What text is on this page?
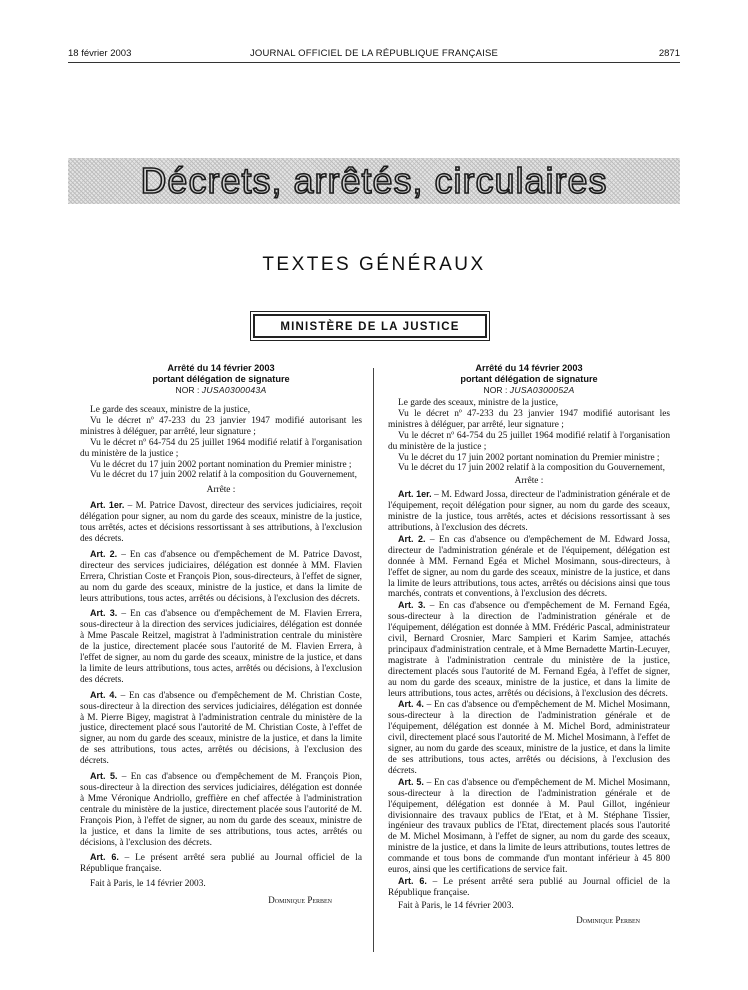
18 février 2003	JOURNAL OFFICIEL DE LA RÉPUBLIQUE FRANÇAISE	2871
Décrets, arrêtés, circulaires
TEXTES GÉNÉRAUX
MINISTÈRE DE LA JUSTICE

Arrêté du 14 février 2003

portant délégation de signature

NOR : JUSA0300043A

Le garde des sceaux, ministre de la justice,

Vu le décret nº 47-233 du 23 janvier 1947 modifié autorisant les ministres à déléguer, par arrêté, leur signature ;

Vu le décret nº 64-754 du 25 juillet 1964 modifié relatif à l'organisation du ministère de la justice ;

Vu le décret du 17 juin 2002 portant nomination du Premier ministre ;

Vu le décret du 17 juin 2002 relatif à la composition du Gouvernement,

Arrête :

Art. 1er. – M. Patrice Davost, directeur des services judiciaires, reçoit délégation pour signer, au nom du garde des sceaux, ministre de la justice, tous arrêtés, actes et décisions ressortissant à ses attributions, à l'exclusion des décrets.

Art. 2. – En cas d'absence ou d'empêchement de M. Patrice Davost, directeur des services judiciaires, délégation est donnée à MM. Flavien Errera, Christian Coste et François Pion, sous-directeurs, à l'effet de signer, au nom du garde des sceaux, ministre de la justice, et dans la limite de leurs attributions, tous actes, arrêtés ou décisions, à l'exclusion des décrets.

Art. 3. – En cas d'absence ou d'empêchement de M. Flavien Errera, sous-directeur à la direction des services judiciaires, délégation est donnée à Mme Pascale Reitzel, magistrat à l'administration centrale du ministère de la justice, directement placée sous l'autorité de M. Flavien Errera, à l'effet de signer, au nom du garde des sceaux, ministre de la justice, et dans la limite de leurs attributions, tous actes, arrêtés ou décisions, à l'exclusion des décrets.

Art. 4. – En cas d'absence ou d'empêchement de M. Christian Coste, sous-directeur à la direction des services judiciaires, délégation est donnée à M. Pierre Bigey, magistrat à l'administration centrale du ministère de la justice, directement placé sous l'autorité de M. Christian Coste, à l'effet de signer, au nom du garde des sceaux, ministre de la justice, et dans la limite de ses attributions, tous actes, arrêtés ou décisions, à l'exclusion des décrets.

Art. 5. – En cas d'absence ou d'empêchement de M. François Pion, sous-directeur à la direction des services judiciaires, délégation est donnée à Mme Véronique Andriollo, greffière en chef affectée à l'administration centrale du ministère de la justice, directement placée sous l'autorité de M. François Pion, à l'effet de signer, au nom du garde des sceaux, ministre de la justice, et dans la limite de ses attributions, tous actes, arrêtés ou décisions, à l'exclusion des décrets.

Art. 6. – Le présent arrêté sera publié au Journal officiel de la République française.

Fait à Paris, le 14 février 2003.

Dominique Perben

Arrêté du 14 février 2003

portant délégation de signature

NOR : JUSA0300052A

Le garde des sceaux, ministre de la justice,

Vu le décret nº 47-233 du 23 janvier 1947 modifié autorisant les ministres à déléguer, par arrêté, leur signature ;

Vu le décret nº 64-754 du 25 juillet 1964 modifié relatif à l'organisation du ministère de la justice ;

Vu le décret du 17 juin 2002 portant nomination du Premier ministre ;

Vu le décret du 17 juin 2002 relatif à la composition du Gouvernement,

Arrête :

Art. 1er. – M. Edward Jossa, directeur de l'administration générale et de l'équipement, reçoit délégation pour signer, au nom du garde des sceaux, ministre de la justice, tous arrêtés, actes et décisions ressortissant à ses attributions, à l'exclusion des décrets.

Art. 2. – En cas d'absence ou d'empêchement de M. Edward Jossa, directeur de l'administration générale et de l'équipement, délégation est donnée à MM. Fernand Egéa et Michel Mosimann, sous-directeurs, à l'effet de signer, au nom du garde des sceaux, ministre de la justice, et dans la limite de leurs attributions, tous actes, arrêtés ou décisions ainsi que tous marchés, contrats et conventions, à l'exclusion des décrets.

Art. 3. – En cas d'absence ou d'empêchement de M. Fernand Egéa, sous-directeur à la direction de l'administration générale et de l'équipement, délégation est donnée à MM. Frédéric Pascal, administrateur civil, Bernard Crosnier, Marc Sampieri et Karim Samjee, attachés principaux d'administration centrale, et à Mme Bernadette Martin-Lecuyer, magistrate à l'administration centrale du ministère de la justice, directement placés sous l'autorité de M. Fernand Egéa, à l'effet de signer, au nom du garde des sceaux, ministre de la justice, et dans la limite de leurs attributions, tous actes, arrêtés ou décisions, à l'exclusion des décrets.

Art. 4. – En cas d'absence ou d'empêchement de M. Michel Mosimann, sous-directeur à la direction de l'administration générale et de l'équipement, délégation est donnée à M. Michel Bord, administrateur civil, directement placé sous l'autorité de M. Michel Mosimann, à l'effet de signer, au nom du garde des sceaux, ministre de la justice, et dans la limite de ses attributions, tous actes, arrêtés ou décisions, à l'exclusion des décrets.

Art. 5. – En cas d'absence ou d'empêchement de M. Michel Mosimann, sous-directeur à la direction de l'administration générale et de l'équipement, délégation est donnée à M. Paul Gillot, ingénieur divisionnaire des travaux publics de l'Etat, et à M. Stéphane Tissier, ingénieur des travaux publics de l'Etat, directement placés sous l'autorité de M. Michel Mosimann, à l'effet de signer, au nom du garde des sceaux, ministre de la justice, et dans la limite de leurs attributions, toutes lettres de commande et tous bons de commande d'un montant inférieur à 45 800 euros, ainsi que les certifications de service fait.

Art. 6. – Le présent arrêté sera publié au Journal officiel de la République française.

Fait à Paris, le 14 février 2003.

Dominique Perben
